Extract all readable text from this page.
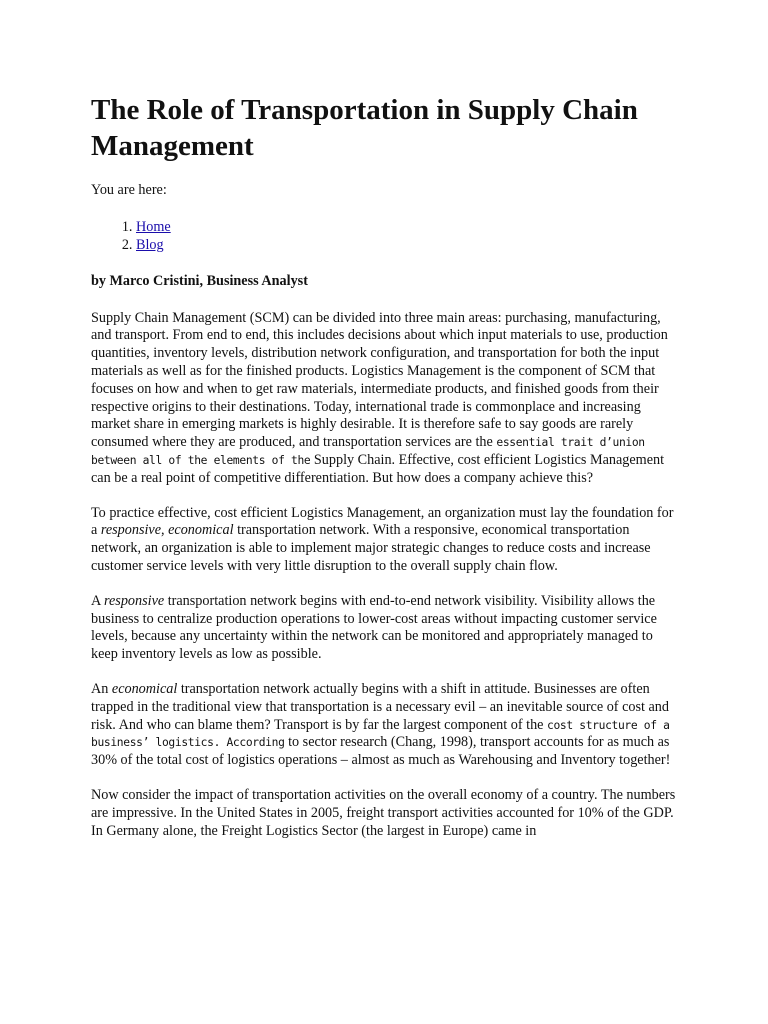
The Role of Transportation in Supply Chain Management

You are here:

1. Home
2. Blog

by Marco Cristini, Business Analyst

Supply Chain Management (SCM) can be divided into three main areas: purchasing, manufacturing, and transport. From end to end, this includes decisions about which input materials to use, production quantities, inventory levels, distribution network configuration, and transportation for both the input materials as well as for the finished products. Logistics Management is the component of SCM that focuses on how and when to get raw materials, intermediate products, and finished goods from their respective origins to their destinations. Today, international trade is commonplace and increasing market share in emerging markets is highly desirable. It is therefore safe to say goods are rarely consumed where they are produced, and transportation services are the essential trait d’union between all of the elements of the Supply Chain. Effective, cost efficient Logistics Management can be a real point of competitive differentiation. But how does a company achieve this?

To practice effective, cost efficient Logistics Management, an organization must lay the foundation for a responsive, economical transportation network. With a responsive, economical transportation network, an organization is able to implement major strategic changes to reduce costs and increase customer service levels with very little disruption to the overall supply chain flow.

A responsive transportation network begins with end-to-end network visibility. Visibility allows the business to centralize production operations to lower-cost areas without impacting customer service levels, because any uncertainty within the network can be monitored and appropriately managed to keep inventory levels as low as possible.

An economical transportation network actually begins with a shift in attitude. Businesses are often trapped in the traditional view that transportation is a necessary evil – an inevitable source of cost and risk. And who can blame them? Transport is by far the largest component of the cost structure of a business’ logistics. According to sector research (Chang, 1998), transport accounts for as much as 30% of the total cost of logistics operations – almost as much as Warehousing and Inventory together!

Now consider the impact of transportation activities on the overall economy of a country. The numbers are impressive. In the United States in 2005, freight transport activities accounted for 10% of the GDP. In Germany alone, the Freight Logistics Sector (the largest in Europe) came in
